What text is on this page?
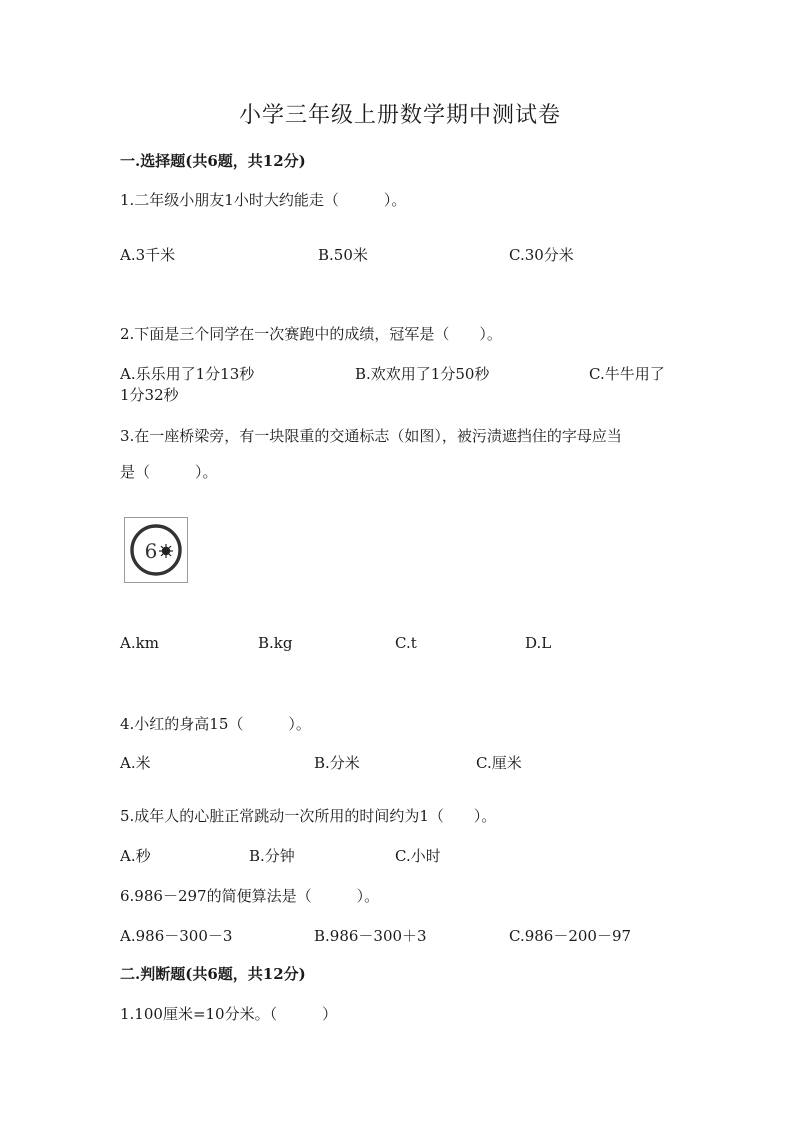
小学三年级上册数学期中测试卷
一.选择题(共6题，共12分)
1.二年级小朋友1小时大约能走（　　　）。
A.3千米	B.50米	C.30分米
2.下面是三个同学在一次赛跑中的成绩，冠军是（　　）。
A.乐乐用了1分13秒	B.欢欢用了1分50秒	C.牛牛用了
1分32秒
3.在一座桥梁旁，有一块限重的交通标志（如图），被污渍遮挡住的字母应当
是（　　　）。
6
A.km	B.kg	C.t	D.L
4.小红的身高15（　　　）。
A.米	B.分米	C.厘米
5.成年人的心脏正常跳动一次所用的时间约为1（　　）。
A.秒	B.分钟	C.小时
6.986－297的简便算法是（　　　）。
A.986－300－3	B.986－300＋3	C.986－200－97
二.判断题(共6题，共12分)
1.100厘米=10分米。（　　　）
